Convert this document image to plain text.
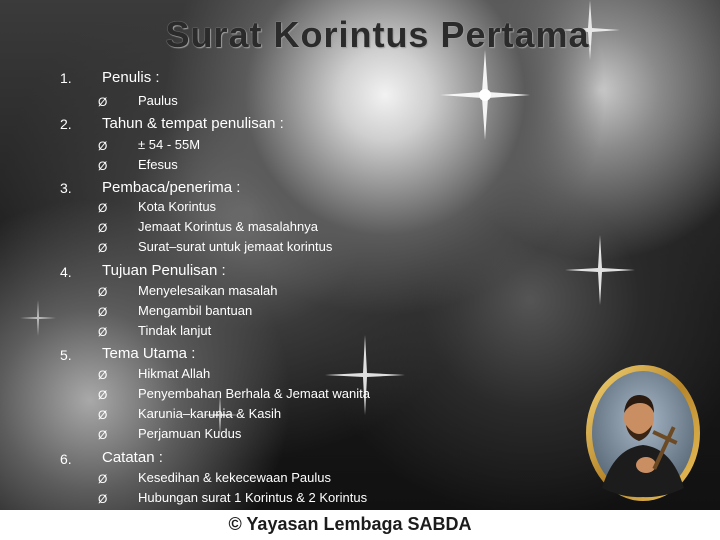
Surat Korintus Pertama
1. Penulis :
Ø Paulus
2. Tahun & tempat penulisan :
Ø ± 54 - 55M
Ø Efesus
3. Pembaca/penerima :
Ø Kota Korintus
Ø Jemaat Korintus & masalahnya
Ø Surat–surat untuk jemaat korintus
4. Tujuan Penulisan :
Ø Menyelesaikan masalah
Ø Mengambil bantuan
Ø Tindak lanjut
5. Tema Utama :
Ø Hikmat Allah
Ø Penyembahan Berhala & Jemaat wanita
Ø Karunia–karunia & Kasih
Ø Perjamuan Kudus
6. Catatan :
Ø Kesedihan & kekecewaan Paulus
Ø Hubungan surat 1 Korintus & 2 Korintus
© Yayasan Lembaga SABDA
